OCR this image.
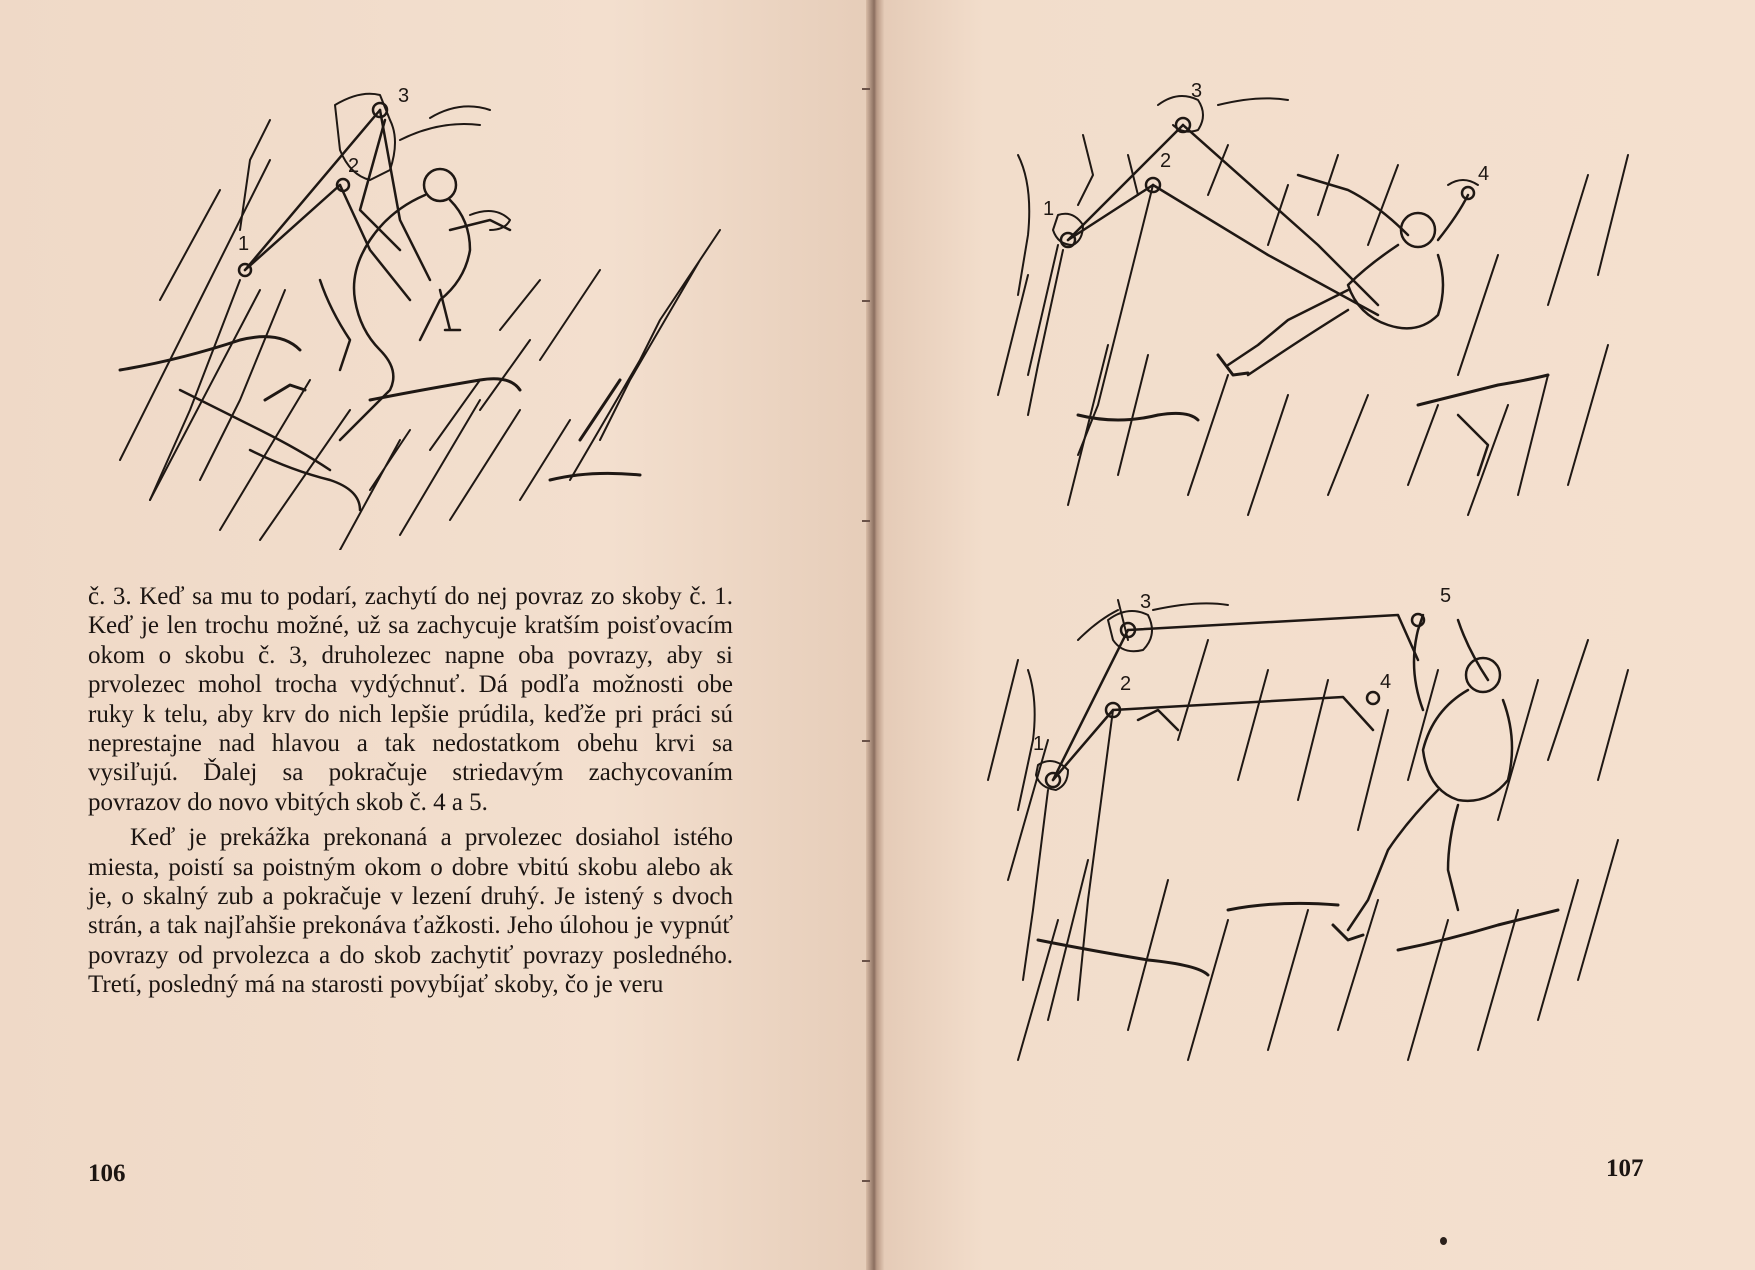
3
2
1

č. 3. Keď sa mu to podarí, zachytí do nej povraz zo skoby č. 1. Keď je len trochu možné, už sa zachycuje kratším poisťovacím okom o skobu č. 3, druholezec napne oba povrazy, aby si prvolezec mohol trocha vydýchnuť. Dá podľa možnosti obe ruky k telu, aby krv do nich lepšie prúdila, keďže pri práci sú neprestajne nad hlavou a tak nedostatkom obehu krvi sa vysiľujú. Ďalej sa pokračuje striedavým zachycovaním povrazov do novo vbitých skob č. 4 a 5.

Keď je prekážka prekonaná a prvolezec dosiahol istého miesta, poistí sa poistným okom o dobre vbitú skobu alebo ak je, o skalný zub a pokračuje v lezení druhý. Je istený s dvoch strán, a tak najľahšie prekonáva ťažkosti. Jeho úlohou je vypnúť povrazy od prvolezca a do skob zachytiť povrazy posledného. Tretí, posledný má na starosti povybíjať skoby, čo je veru

106
3
2
1
4
3
2
1
4
5
107
